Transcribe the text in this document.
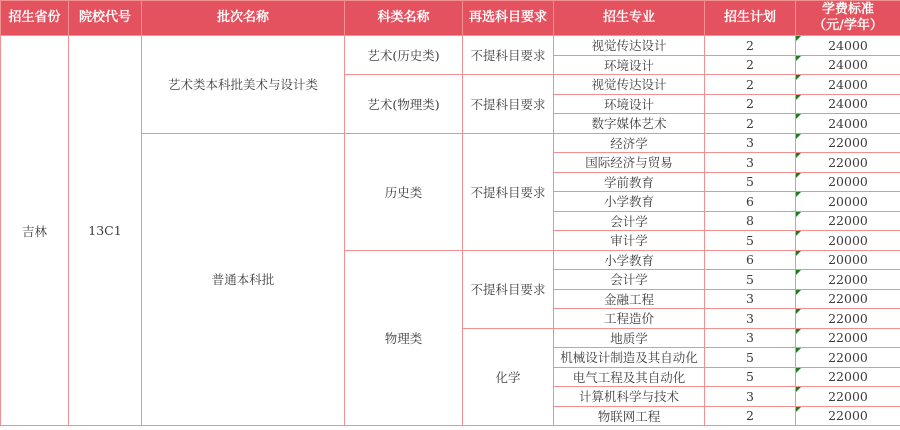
招生省份	院校代号	批次名称	科类名称	再选科目要求	招生专业	招生计划	学费标准
（元/学年）
吉林	13C1	艺术类本科批美术与设计类	艺术(历史类)	不提科目要求	视觉传达设计	2	24000
					环境设计	2	24000
			艺术(物理类)	不提科目要求	视觉传达设计	2	24000
					环境设计	2	24000
					数字媒体艺术	2	24000
		普通本科批	历史类	不提科目要求	经济学	3	22000
					国际经济与贸易	3	22000
					学前教育	5	20000
					小学教育	6	20000
					会计学	8	22000
					审计学	5	20000
			物理类	不提科目要求	小学教育	6	20000
					会计学	5	22000
					金融工程	3	22000
					工程造价	3	22000
				化学	地质学	3	22000
					机械设计制造及其自动化	5	22000
					电气工程及其自动化	5	22000
					计算机科学与技术	3	22000
					物联网工程	2	22000
